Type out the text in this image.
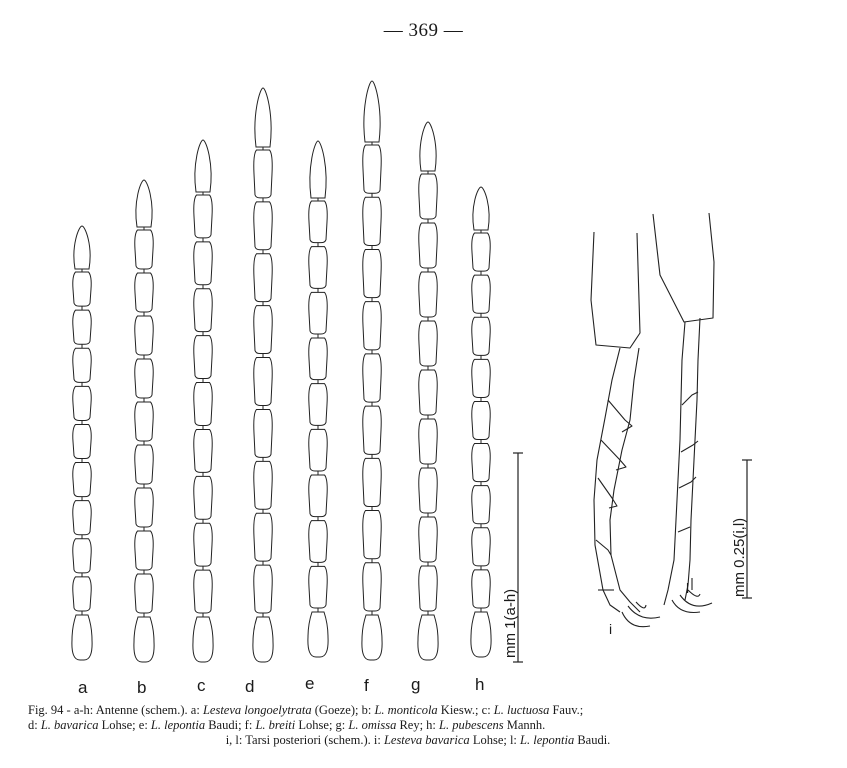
— 369 —
a	b	c d	e	f g	h
mm 1(a-h)	i
l	mm 0.25(i,l)

Fig. 94 - a-h: Antenne (schem.). a: Lesteva longoelytrata (Goeze); b: L. monticola Kiesw.; c: L. luctuosa Fauv.;

d: L. bavarica Lohse; e: L. lepontia Baudi; f: L. breiti Lohse; g: L. omissa Rey; h: L. pubescens Mannh.

i, l: Tarsi posteriori (schem.). i: Lesteva bavarica Lohse; l: L. lepontia Baudi.
